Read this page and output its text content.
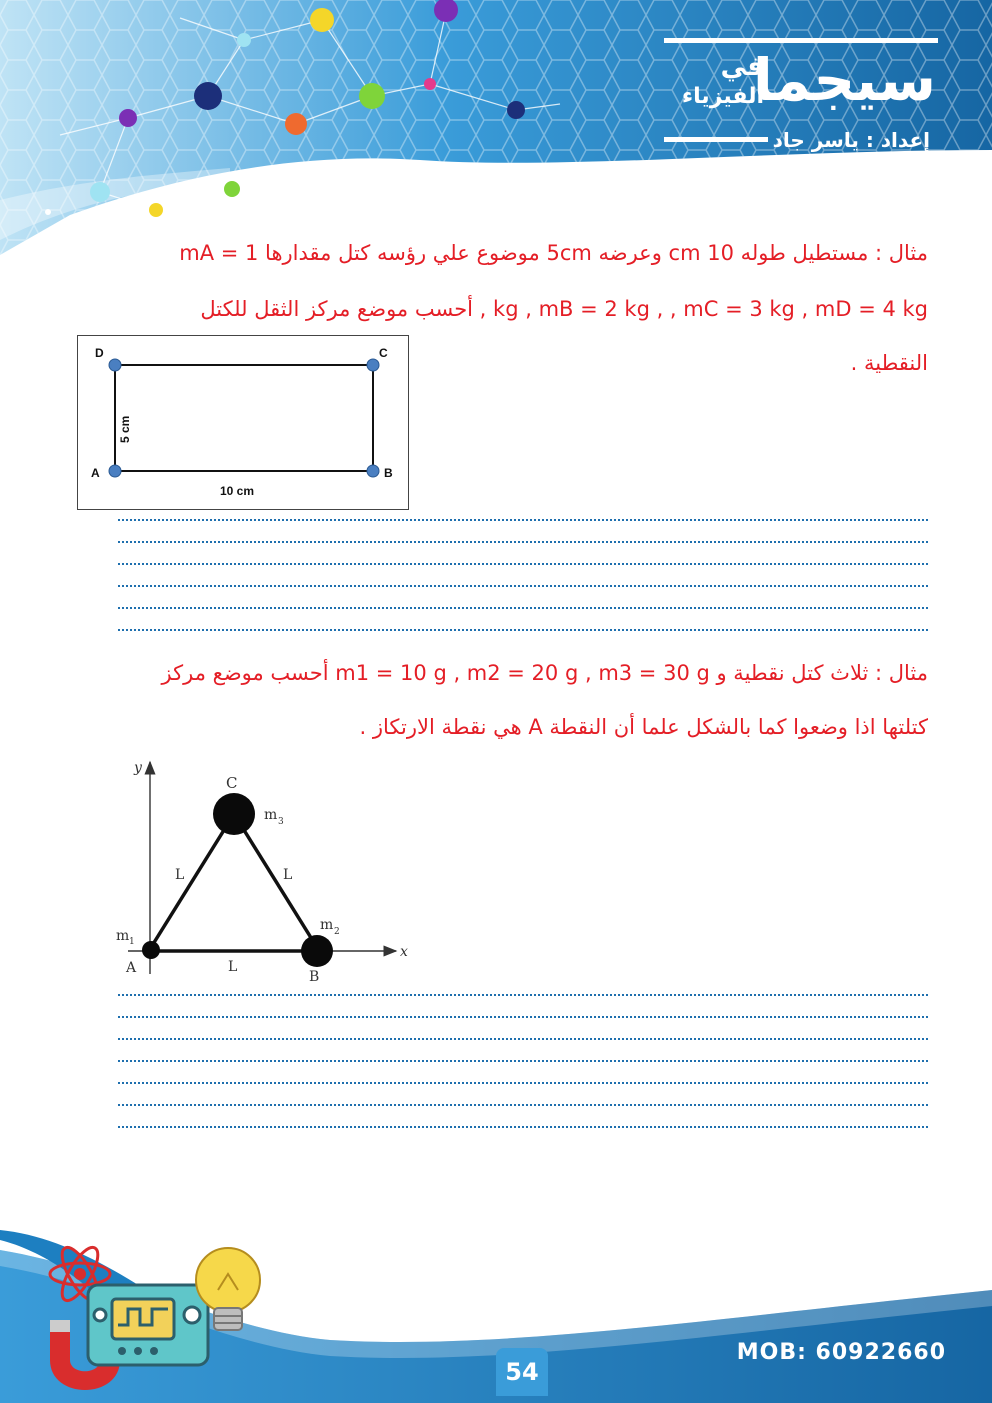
سيجما
في
الفيزياء
إعداد : ياسر جاد
مثال : مستطيل طوله 10 cm وعرضه 5cm موضوع علي رؤسه كتل مقدارها mA = 1
kg , mB = 2 kg , , mC = 3 kg , mD = 4 kg , أحسب موضع مركز الثقل للكتل
النقطية .
D	C
A	B
10 cm
5 cm
مثال : ثلاث كتل نقطية و m1 = 10 g , m2 = 20 g , m3 = 30 g أحسب موضع مركز
كتلتها اذا وضعوا كما بالشكل علما أن النقطة A هي نقطة الارتكاز .
y
x
C
A
B
L	L
L
m 1
m 2
m 3
54
MOB: 60922660
